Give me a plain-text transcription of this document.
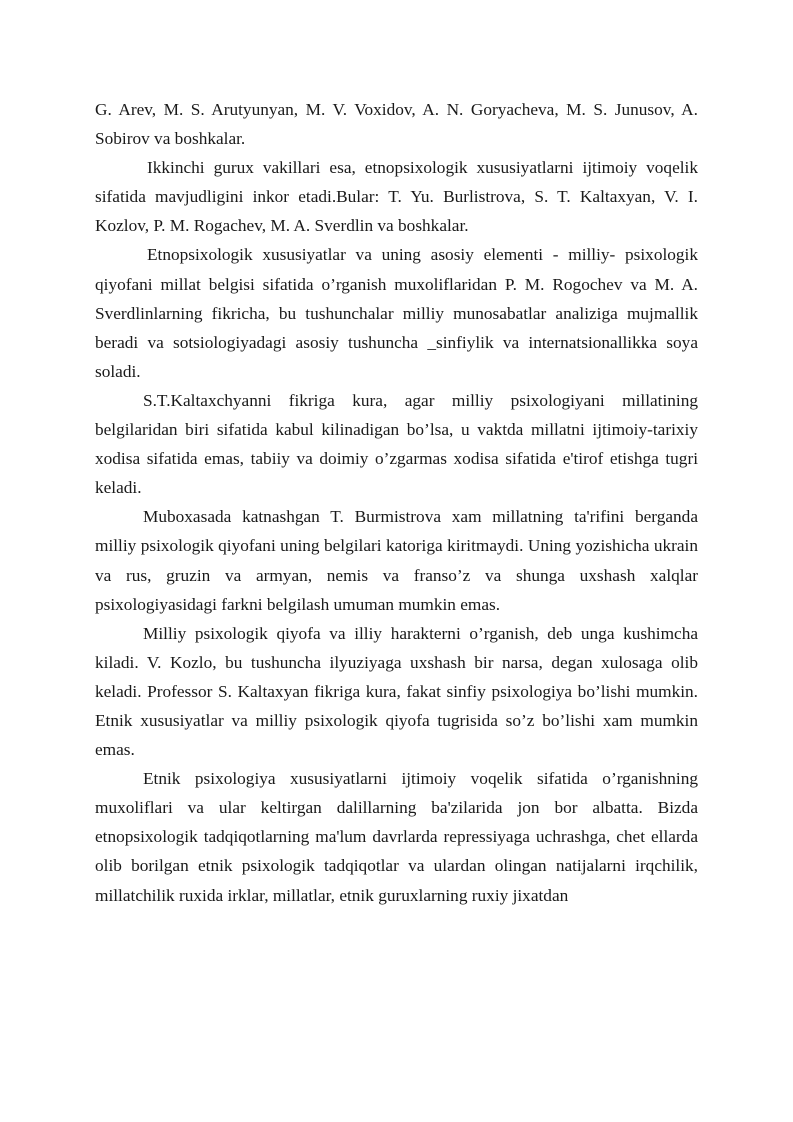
G. Arev, M. S. Arutyunyan, M. V. Voxidov, A. N. Goryacheva, M. S. Junusov, A. Sobirov va boshkalar.

Ikkinchi gurux vakillari esa, etnopsixologik xususiyatlarni ijtimoiy voqelik sifatida mavjudligini inkor etadi.Bular: T. Yu. Burlistrova, S. T. Kaltaxyan, V. I. Kozlov, P. M. Rogachev, M. A. Sverdlin va boshkalar.

Etnopsixologik xususiyatlar va uning asosiy elementi - milliy- psixologik qiyofani millat belgisi sifatida o’rganish muxoliflaridan P. M. Rogochev va M. A. Sverdlinlarning fikricha, bu tushunchalar milliy munosabatlar analiziga mujmallik beradi va sotsiologiyadagi asosiy tushuncha _sinfiylik va internatsionallikka soya soladi.

S.T.Kaltaxchyanni fikriga kura, agar milliy psixologiyani millatining belgilaridan biri sifatida kabul kilinadigan bo’lsa, u vaktda millatni ijtimoiy-tarixiy xodisa sifatida emas, tabiiy va doimiy o’zgarmas xodisa sifatida e'tirof etishga tugri keladi.

Muboxasada katnashgan T. Burmistrova xam millatning ta'rifini berganda milliy psixologik qiyofani uning belgilari katoriga kiritmaydi. Uning yozishicha ukrain va rus, gruzin va armyan, nemis va franso’z va shunga uxshash xalqlar psixologiyasidagi farkni belgilash umuman mumkin emas.

Milliy psixologik qiyofa va illiy harakterni o’rganish, deb unga kushimcha kiladi. V. Kozlo, bu tushuncha ilyuziyaga uxshash bir narsa, degan xulosaga olib keladi. Professor S. Kaltaxyan fikriga kura, fakat sinfiy psixologiya bo’lishi mumkin. Etnik xususiyatlar va milliy psixologik qiyofa tugrisida so’z bo’lishi xam mumkin emas.

Etnik psixologiya xususiyatlarni ijtimoiy voqelik sifatida o’rganishning muxoliflari va ular keltirgan dalillarning ba'zilarida jon bor albatta. Bizda etnopsixologik tadqiqotlarning ma'lum davrlarda repressiyaga uchrashga, chet ellarda olib borilgan etnik psixologik tadqiqotlar va ulardan olingan natijalarni irqchilik, millatchilik ruxida irklar, millatlar, etnik guruxlarning ruxiy jixatdan
